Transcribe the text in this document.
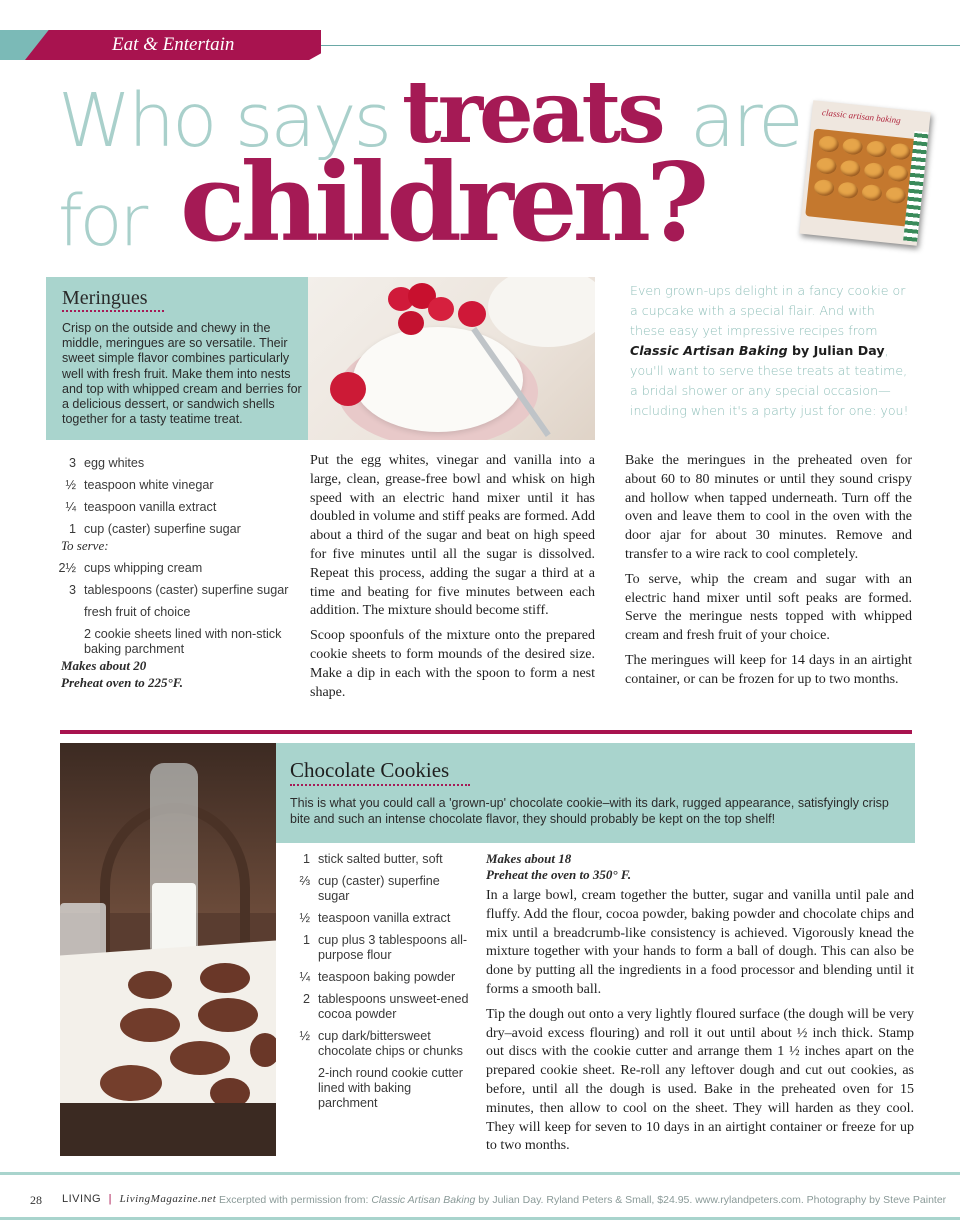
Eat & Entertain
Who says treats are
for children?
classic artisan baking
Meringues
Crisp on the outside and chewy in the middle, meringues are so versatile. Their sweet simple flavor combines particularly well with fresh fruit. Make them into nests and top with whipped cream and berries for a delicious dessert, or sandwich shells together for a tasty teatime treat.
Even grown-ups delight in a fancy cookie or a cupcake with a special flair. And with these easy yet impressive recipes from Classic Artisan Baking by Julian Day, you'll want to serve these treats at teatime, a bridal shower or any special occasion—including when it's a party just for one: you!
3 egg whites
½ teaspoon white vinegar
¼ teaspoon vanilla extract
1 cup (caster) superfine sugar
To serve:
2½ cups whipping cream
3 tablespoons (caster) superfine sugar
fresh fruit of choice
2 cookie sheets lined with non-stick baking parchment
Makes about 20
Preheat oven to 225°F.

Put the egg whites, vinegar and vanilla into a large, clean, grease-free bowl and whisk on high speed with an electric hand mixer until it has doubled in volume and stiff peaks are formed. Add about a third of the sugar and beat on high speed for five minutes until all the sugar is dissolved. Repeat this process, adding the sugar a third at a time and beating for five minutes between each addition. The mixture should become stiff.

Scoop spoonfuls of the mixture onto the prepared cookie sheets to form mounds of the desired size. Make a dip in each with the spoon to form a nest shape.

Bake the meringues in the preheated oven for about 60 to 80 minutes or until they sound crispy and hollow when tapped underneath. Turn off the oven and leave them to cool in the oven with the door ajar for about 30 minutes. Remove and transfer to a wire rack to cool completely.

To serve, whip the cream and sugar with an electric hand mixer until soft peaks are formed. Serve the meringue nests topped with whipped cream and fresh fruit of your choice.

The meringues will keep for 14 days in an airtight container, or can be frozen for up to two months.

Chocolate Cookies
This is what you could call a 'grown-up' chocolate cookie–with its dark, rugged appearance, satisfyingly crisp bite and such an intense chocolate flavor, they should probably be kept on the top shelf!
1 stick salted butter, soft
⅔ cup (caster) superfine sugar
½ teaspoon vanilla extract
1 cup plus 3 tablespoons all-purpose flour
¼ teaspoon baking powder
2 tablespoons unsweet-ened cocoa powder
½ cup dark/bittersweet chocolate chips or chunks
2-inch round cookie cutter lined with baking parchment
Makes about 18
Preheat the oven to 350° F.

In a large bowl, cream together the butter, sugar and vanilla until pale and fluffy. Add the flour, cocoa powder, baking powder and chocolate chips and mix until a breadcrumb-like consistency is achieved. Vigorously knead the mixture together with your hands to form a ball of dough. This can also be done by putting all the ingredients in a food processor and blending until it forms a smooth ball.

Tip the dough out onto a very lightly floured surface (the dough will be very dry–avoid excess flouring) and roll it out until about ½ inch thick. Stamp out discs with the cookie cutter and arrange them 1 ½ inches apart on the prepared cookie sheet. Re-roll any leftover dough and cut out cookies, as before, until all the dough is used. Bake in the preheated oven for 15 minutes, then allow to cool on the sheet. They will harden as they cool. They will keep for seven to 10 days in an airtight container or freeze for up to two months.

28 LIVING | LivingMagazine.net Excerpted with permission from: Classic Artisan Baking by Julian Day. Ryland Peters & Small, $24.95. www.rylandpeters.com. Photography by Steve Painter
